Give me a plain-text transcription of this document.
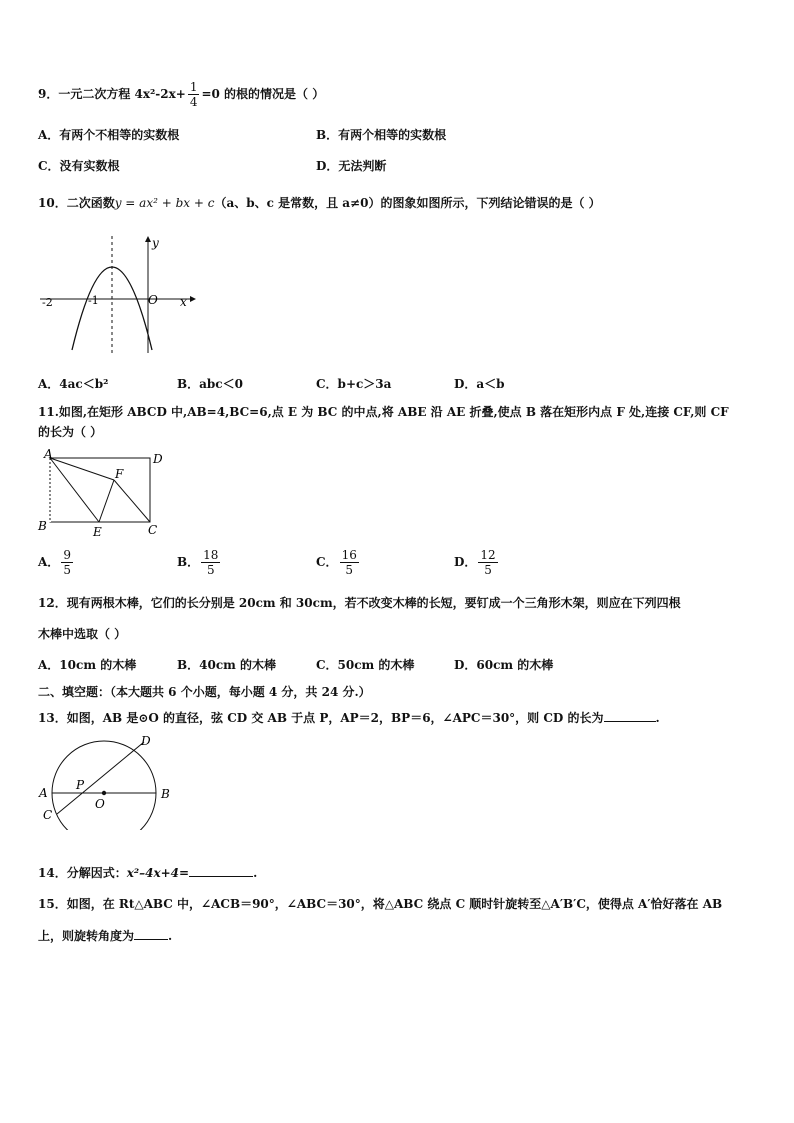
9．一元二次方程 $4x^2-2x+ \frac{1}{4} =0$ 的根的情况是（ ）
A．有两个不相等的实数根	B．有两个相等的实数根
C．没有实数根	D．无法判断
10．二次函数y = ax² + bx + c（a、b、c 是常数，且 a≠0）的图象如图所示，下列结论错误的是（ ）
y
x
O
-1
-2
A．4ac＜b²	B．abc＜0	C．b+c＞3a	D．a＜b
11.如图,在矩形 ABCD 中,AB=4,BC=6,点 E 为 BC 的中点,将 ABE 沿 AE 折叠,使点 B 落在矩形内点 F 处,连接 CF,则 CF
的长为（ ）
A	D
B	C
E
F
A． $\frac{9}{5}$	B． $\frac{18}{5}$	C． $\frac{16}{5}$	D． $\frac{12}{5}$
12．现有两根木棒，它们的长分别是 20cm 和 30cm，若不改变木棒的长短，要钉成一个三角形木架，则应在下列四根
木棒中选取（ ）
A．10cm 的木棒	B．40cm 的木棒	C．50cm 的木棒	D．60cm 的木棒
二、填空题：（本大题共 6 个小题，每小题 4 分，共 24 分.）
13．如图，AB 是⊙O 的直径，弦 CD 交 AB 于点 P，AP＝2，BP＝6，∠APC＝30°，则 CD 的长为	.
A	B
C
D
P
O
14．分解因式：x²–4x+4=	.
15．如图，在 Rt△ABC 中，∠ACB＝90°，∠ABC＝30°，将△ABC 绕点 C 顺时针旋转至△A′B′C，使得点 A′恰好落在 AB
上，则旋转角度为	.
